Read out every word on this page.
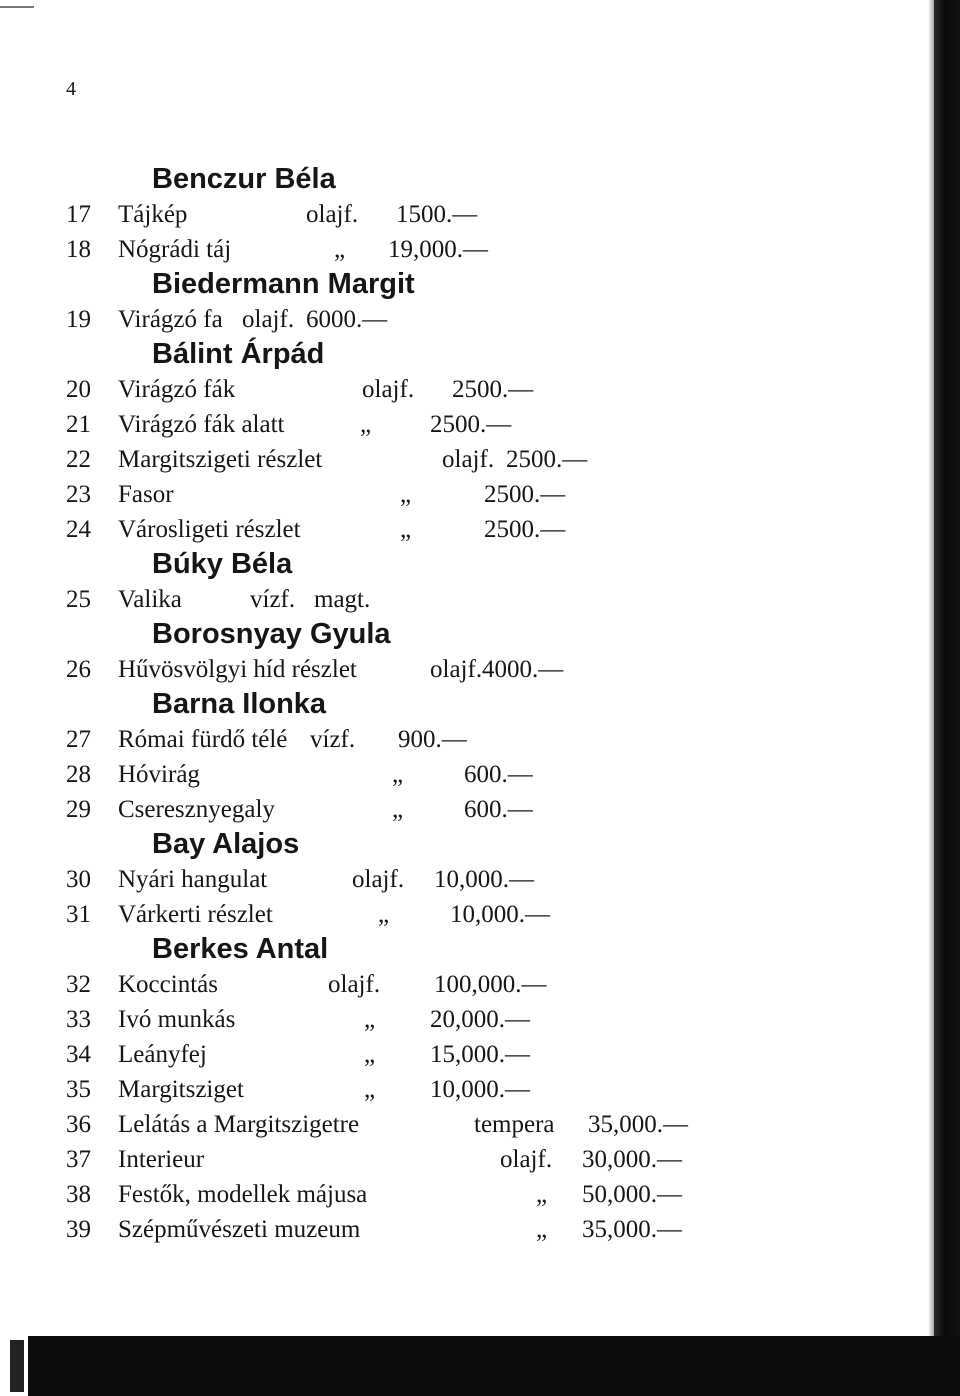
4
Benczur Béla
17	Tájkép	olajf. 1500.—
18	Nógrádi táj	„ 19,000.—
Biedermann Margit
19	Virágzó fa olajf. 6000.—
Bálint Árpád
20	Virágzó fák	olajf. 2500.—
21	Virágzó fák alatt	„ 2500.—
22	Margitszigeti részlet	olajf. 2500.—
23	Fasor	„	2500.—
24	Városligeti részlet	„	2500.—
Búky Béla
25	Valika	vízf. magt.
Borosnyay Gyula
26	Hűvösvölgyi híd részlet	olajf. 4000.—
Barna Ilonka
27	Római fürdő télé vízf. 900.—
28	Hóvirág	„ 600.—
29	Cseresznyegaly	„ 600.—
Bay Alajos
30	Nyári hangulat	olajf. 10,000.—
31	Várkerti részlet	„ 10,000.—
Berkes Antal
32	Koccintás	olajf. 100,000.—
33	Ivó munkás	„ 20,000.—
34	Leányfej	„ 15,000.—
35	Margitsziget	„ 10,000.—
36	Lelátás a Margitszigetre	tempera 35,000.—
37	Interieur	olajf. 30,000.—
38	Festők, modellek májusa	„ 50,000.—
39	Szépművészeti muzeum	„ 35,000.—
